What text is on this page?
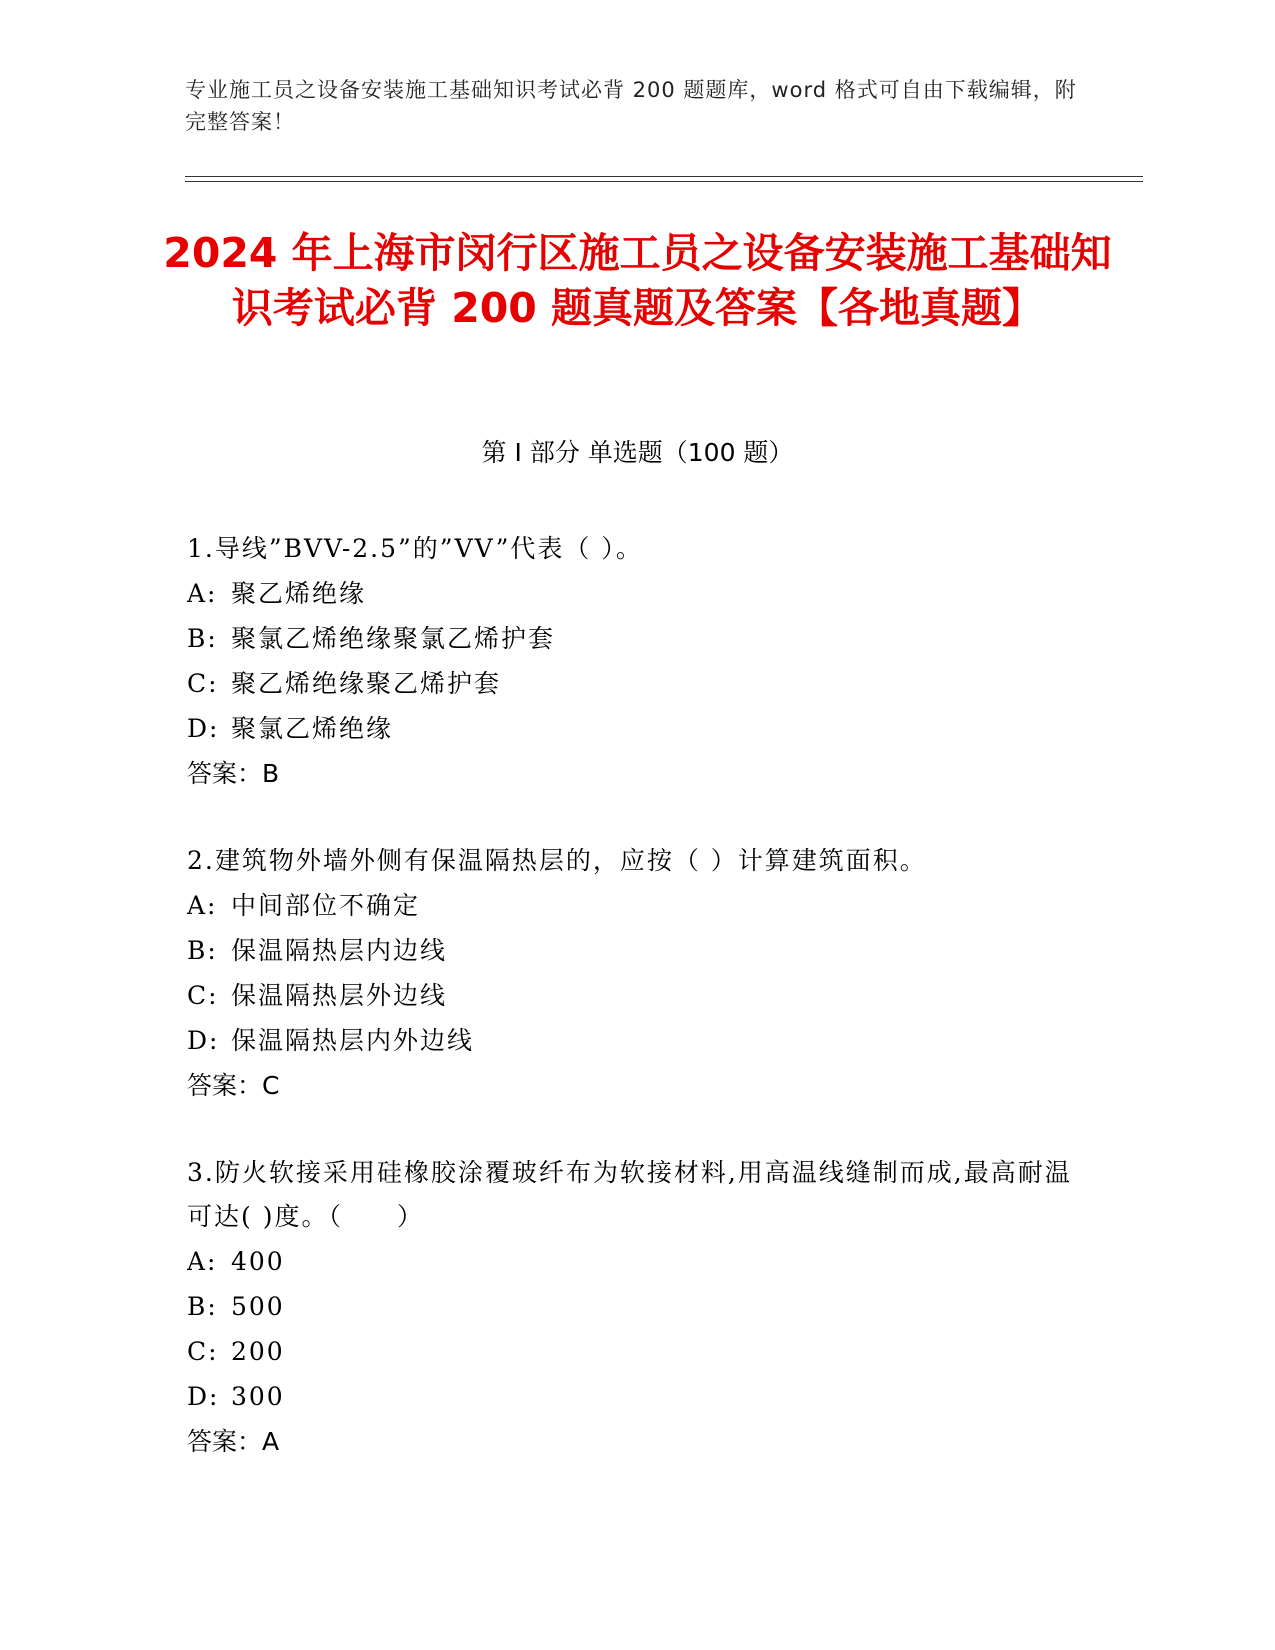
专业施工员之设备安装施工基础知识考试必背 200 题题库，word 格式可自由下载编辑，附完整答案！
2024 年上海市闵行区施工员之设备安装施工基础知识考试必背 200 题真题及答案【各地真题】
第 I 部分 单选题（100 题）
1.导线”BVV-2.5”的”VV”代表（ ）。
A: 聚乙烯绝缘
B: 聚氯乙烯绝缘聚氯乙烯护套
C: 聚乙烯绝缘聚乙烯护套
D: 聚氯乙烯绝缘
答案：B
2.建筑物外墙外侧有保温隔热层的，应按（ ）计算建筑面积。
A: 中间部位不确定
B: 保温隔热层内边线
C: 保温隔热层外边线
D: 保温隔热层内外边线
答案：C
3.防火软接采用硅橡胶涂覆玻纤布为软接材料,用高温线缝制而成,最高耐温可达( )度。（　　）
A: 400
B: 500
C: 200
D: 300
答案：A
